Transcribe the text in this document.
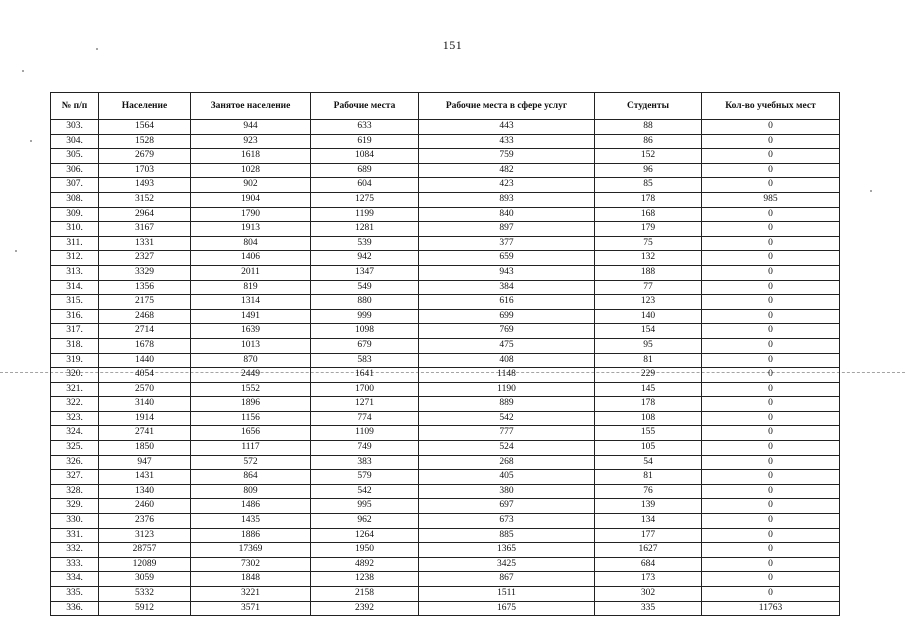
151
№ п/п	Население	Занятое население	Рабочие места	Рабочие места в сфере услуг	Студенты	Кол-во учебных мест
303.	1564	944	633	443	88	0
304.	1528	923	619	433	86	0
305.	2679	1618	1084	759	152	0
306.	1703	1028	689	482	96	0
307.	1493	902	604	423	85	0
308.	3152	1904	1275	893	178	985
309.	2964	1790	1199	840	168	0
310.	3167	1913	1281	897	179	0
311.	1331	804	539	377	75	0
312.	2327	1406	942	659	132	0
313.	3329	2011	1347	943	188	0
314.	1356	819	549	384	77	0
315.	2175	1314	880	616	123	0
316.	2468	1491	999	699	140	0
317.	2714	1639	1098	769	154	0
318.	1678	1013	679	475	95	0
319.	1440	870	583	408	81	0
320.	4054	2449	1641	1148	229	0
321.	2570	1552	1700	1190	145	0
322.	3140	1896	1271	889	178	0
323.	1914	1156	774	542	108	0
324.	2741	1656	1109	777	155	0
325.	1850	1117	749	524	105	0
326.	947	572	383	268	54	0
327.	1431	864	579	405	81	0
328.	1340	809	542	380	76	0
329.	2460	1486	995	697	139	0
330.	2376	1435	962	673	134	0
331.	3123	1886	1264	885	177	0
332.	28757	17369	1950	1365	1627	0
333.	12089	7302	4892	3425	684	0
334.	3059	1848	1238	867	173	0
335.	5332	3221	2158	1511	302	0
336.	5912	3571	2392	1675	335	11763
